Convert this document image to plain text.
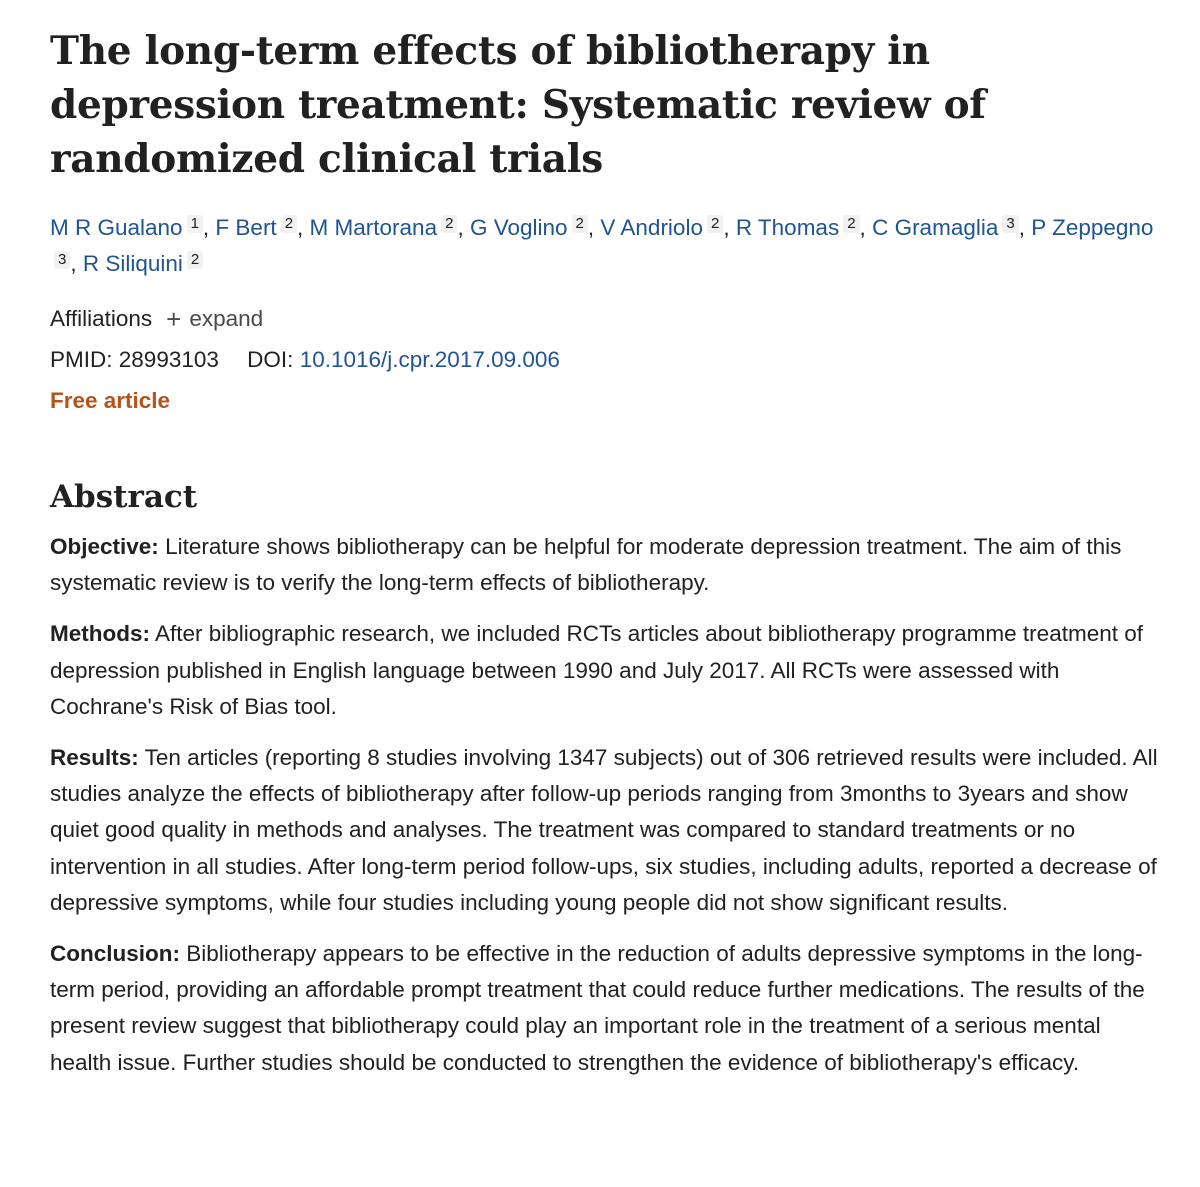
The long-term effects of bibliotherapy in depression treatment: Systematic review of randomized clinical trials
M R Gualano 1 , F Bert 2 , M Martorana 2 , G Voglino 2 , V Andriolo 2 , R Thomas 2 , C Gramaglia 3 , P Zeppegno3 , R Siliquini 2
Affiliations + expand
PMID: 28993103 DOI: 10.1016/j.cpr.2017.09.006
Free article
Abstract

Objective: Literature shows bibliotherapy can be helpful for moderate depression treatment. The aim of this systematic review is to verify the long-term effects of bibliotherapy.

Methods: After bibliographic research, we included RCTs articles about bibliotherapy programme treatment of depression published in English language between 1990 and July 2017. All RCTs were assessed with Cochrane's Risk of Bias tool.

Results: Ten articles (reporting 8 studies involving 1347 subjects) out of 306 retrieved results were included. All studies analyze the effects of bibliotherapy after follow-up periods ranging from 3months to 3years and show quiet good quality in methods and analyses. The treatment was compared to standard treatments or no intervention in all studies. After long-term period follow-ups, six studies, including adults, reported a decrease of depressive symptoms, while four studies including young people did not show significant results.

Conclusion: Bibliotherapy appears to be effective in the reduction of adults depressive symptoms in the long-term period, providing an affordable prompt treatment that could reduce further medications. The results of the present review suggest that bibliotherapy could play an important role in the treatment of a serious mental health issue. Further studies should be conducted to strengthen the evidence of bibliotherapy's efficacy.
